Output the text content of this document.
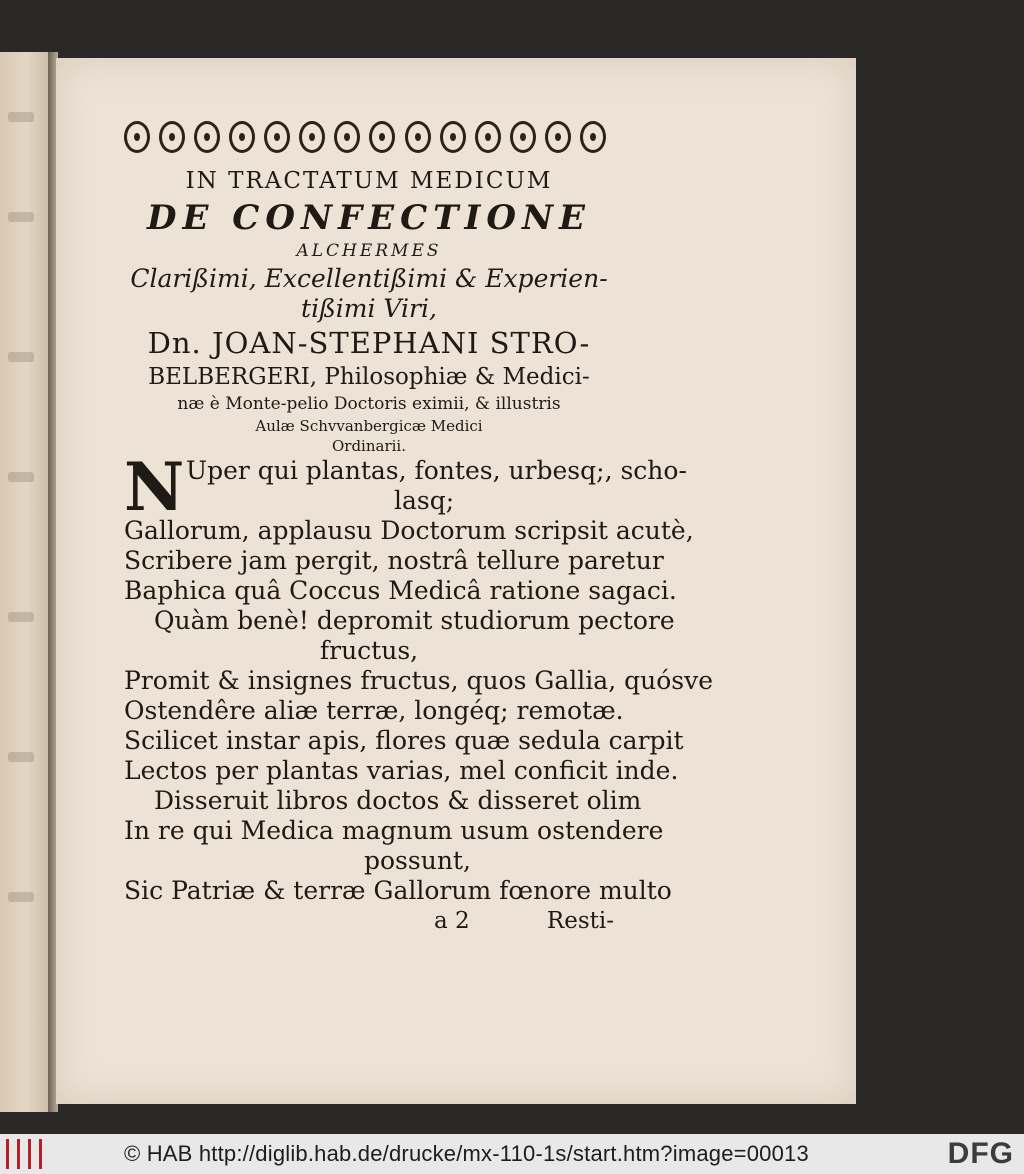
IN TRACTATUM MEDICUM
DE CONFECTIONE
ALCHERMES
Clarißimi, Excellentißimi & Experien-
tißimi Viri,
Dn. JOAN-STEPHANI STRO-
BELBERGERI, Philosophiæ & Medici-
næ è Monte-pelio Doctoris eximii, & illustris
Aulæ Schvvanbergicæ Medici
Ordinarii.
N Uper qui plantas, fontes, urbesq;, scho-
lasq;
Gallorum, applausu Doctorum scripsit acutè,
Scribere jam pergit, nostrâ tellure paretur
Baphica quâ Coccus Medicâ ratione sagaci.
Quàm benè! depromit studiorum pectore
fructus,
Promit & insignes fructus, quos Gallia, quósve
Ostendêre aliæ terræ, longéq; remotæ.
Scilicet instar apis, flores quæ sedula carpit
Lectos per plantas varias, mel conficit inde.
Disseruit libros doctos & disseret olim
In re qui Medica magnum usum ostendere
possunt,
Sic Patriæ & terræ Gallorum fœnore multo
a 2	Resti-
© HAB http://diglib.hab.de/drucke/mx-110-1s/start.htm?image=00013	DFG
